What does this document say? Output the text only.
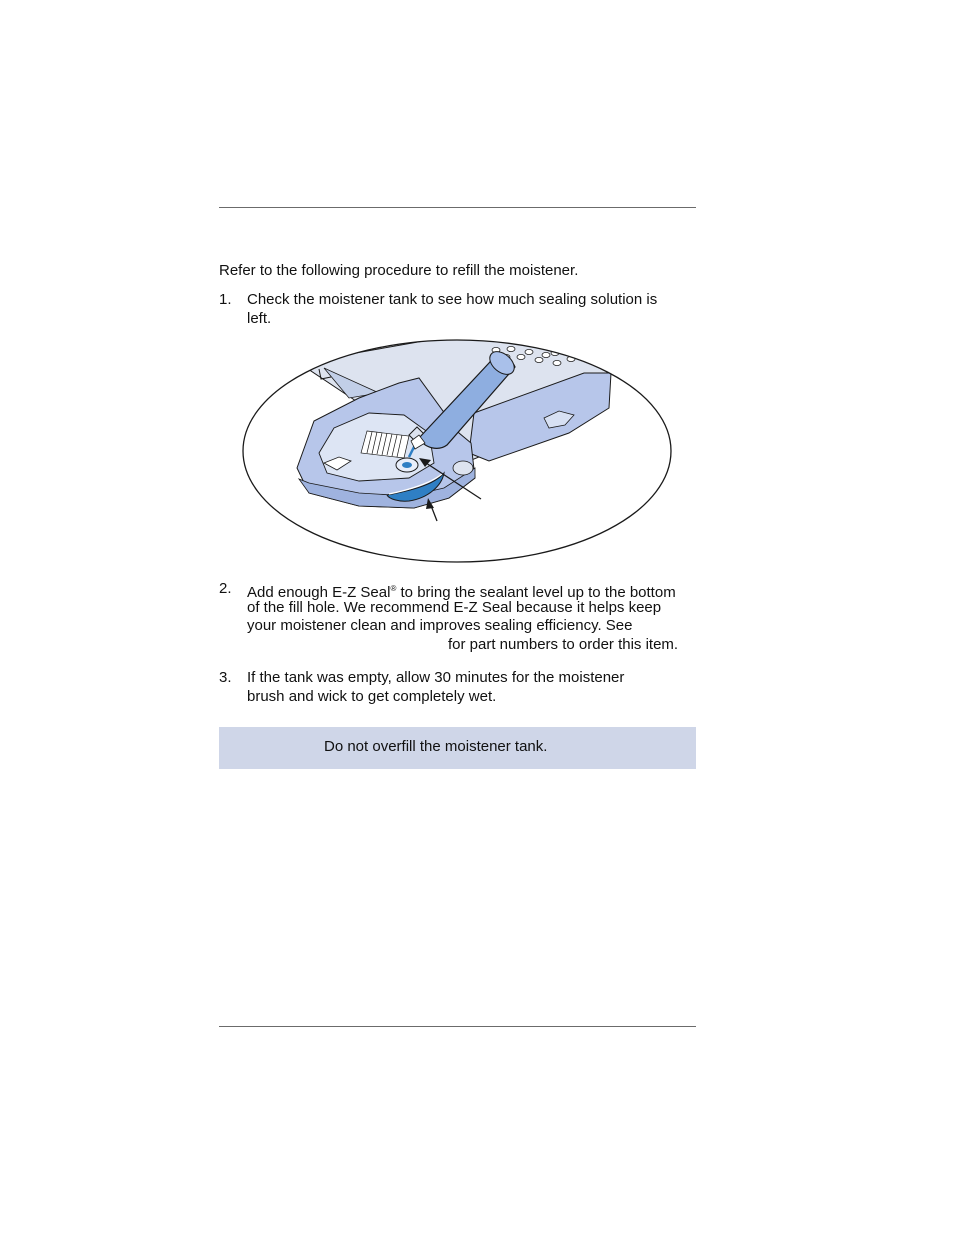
Refer to the following procedure to refill the moistener.
1. Check the moistener tank to see how much sealing solution is
left.
2. Add enough E-Z Seal® to bring the sealant level up to the bottom
of the fill hole. We recommend E-Z Seal because it helps keep
your moistener clean and improves sealing efficiency. See
for part numbers to order this item.
3. If the tank was empty, allow 30 minutes for the moistener
brush and wick to get completely wet.
Do not overfill the moistener tank.
